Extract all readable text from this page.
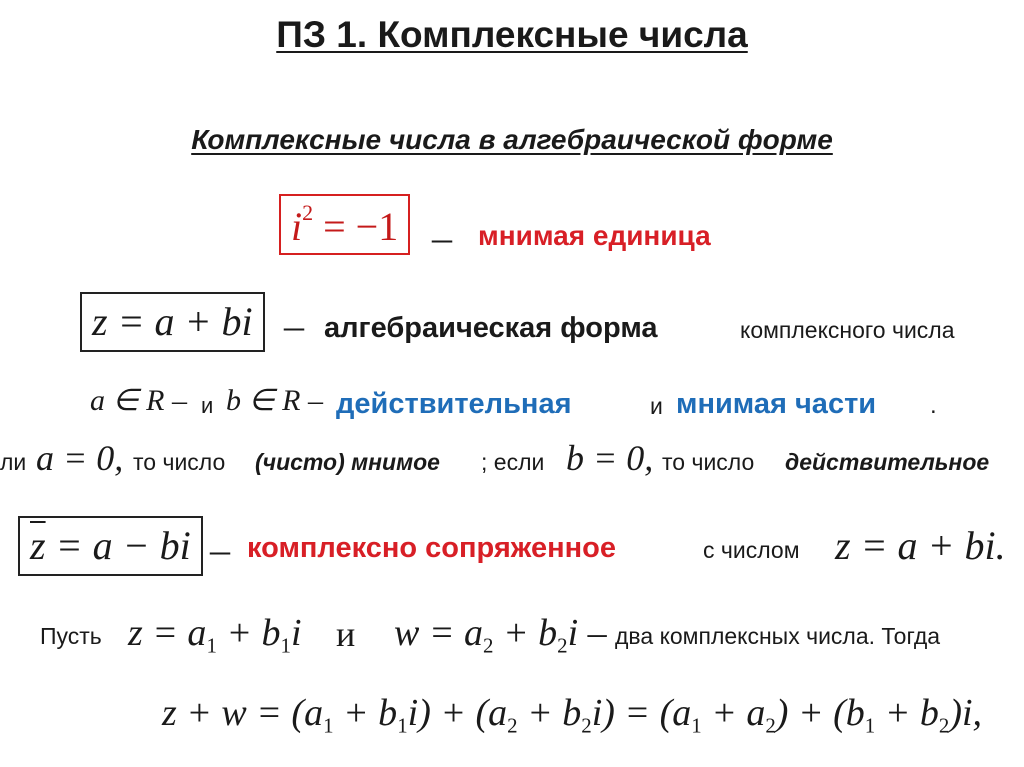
ПЗ 1. Комплексные числа
Комплексные числа в алгебраической форме
$i^2 = -1$ – мнимая единица
z = a + bi – алгебраическая форма	комплексного числа
a ∈ R – и b ∈ R – действительная	и мнимая части .
ли a = 0, то число (чисто) мнимое ; если b = 0, то число действительное
$\overline{z} = a$ − bi – комплексно сопряженное	с числом z = a + bi.
Пусть $z = a_1 + b_1i$ и $w = a_2 + b_2i$ – два комплексных числа. Тогда
$z + w = (a_1 + b_1i) + (a_2 + b_2i) = (a_1 + a_2) + (b_1 + b_2)i$,
